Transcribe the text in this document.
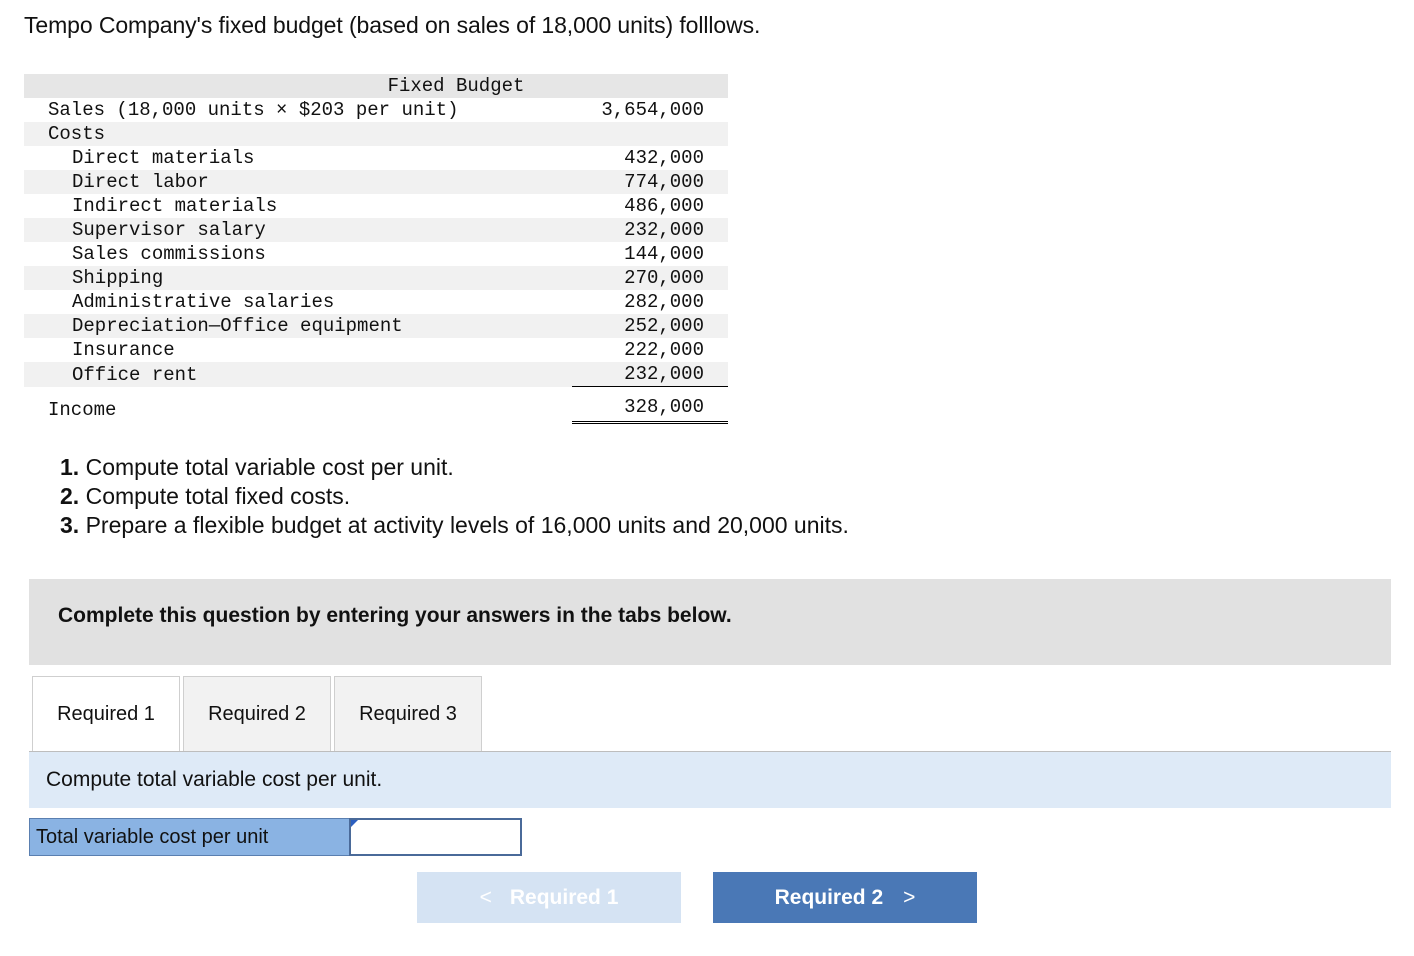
Tempo Company's fixed budget (based on sales of 18,000 units) folllows.
Fixed Budget	
Sales (18,000 units × $203 per unit)	3,654,000
Costs	
Direct materials	432,000
Direct labor	774,000
Indirect materials	486,000
Supervisor salary	232,000
Sales commissions	144,000
Shipping	270,000
Administrative salaries	282,000
Depreciation—Office equipment	252,000
Insurance	222,000
Office rent	232,000

Income	328,000
1. Compute total variable cost per unit.
2. Compute total fixed costs.
3. Prepare a flexible budget at activity levels of 16,000 units and 20,000 units.
Complete this question by entering your answers in the tabs below.
Required 1	Required 2	Required 3
Compute total variable cost per unit.
Total variable cost per unit
< Required 1	Required 2 >
